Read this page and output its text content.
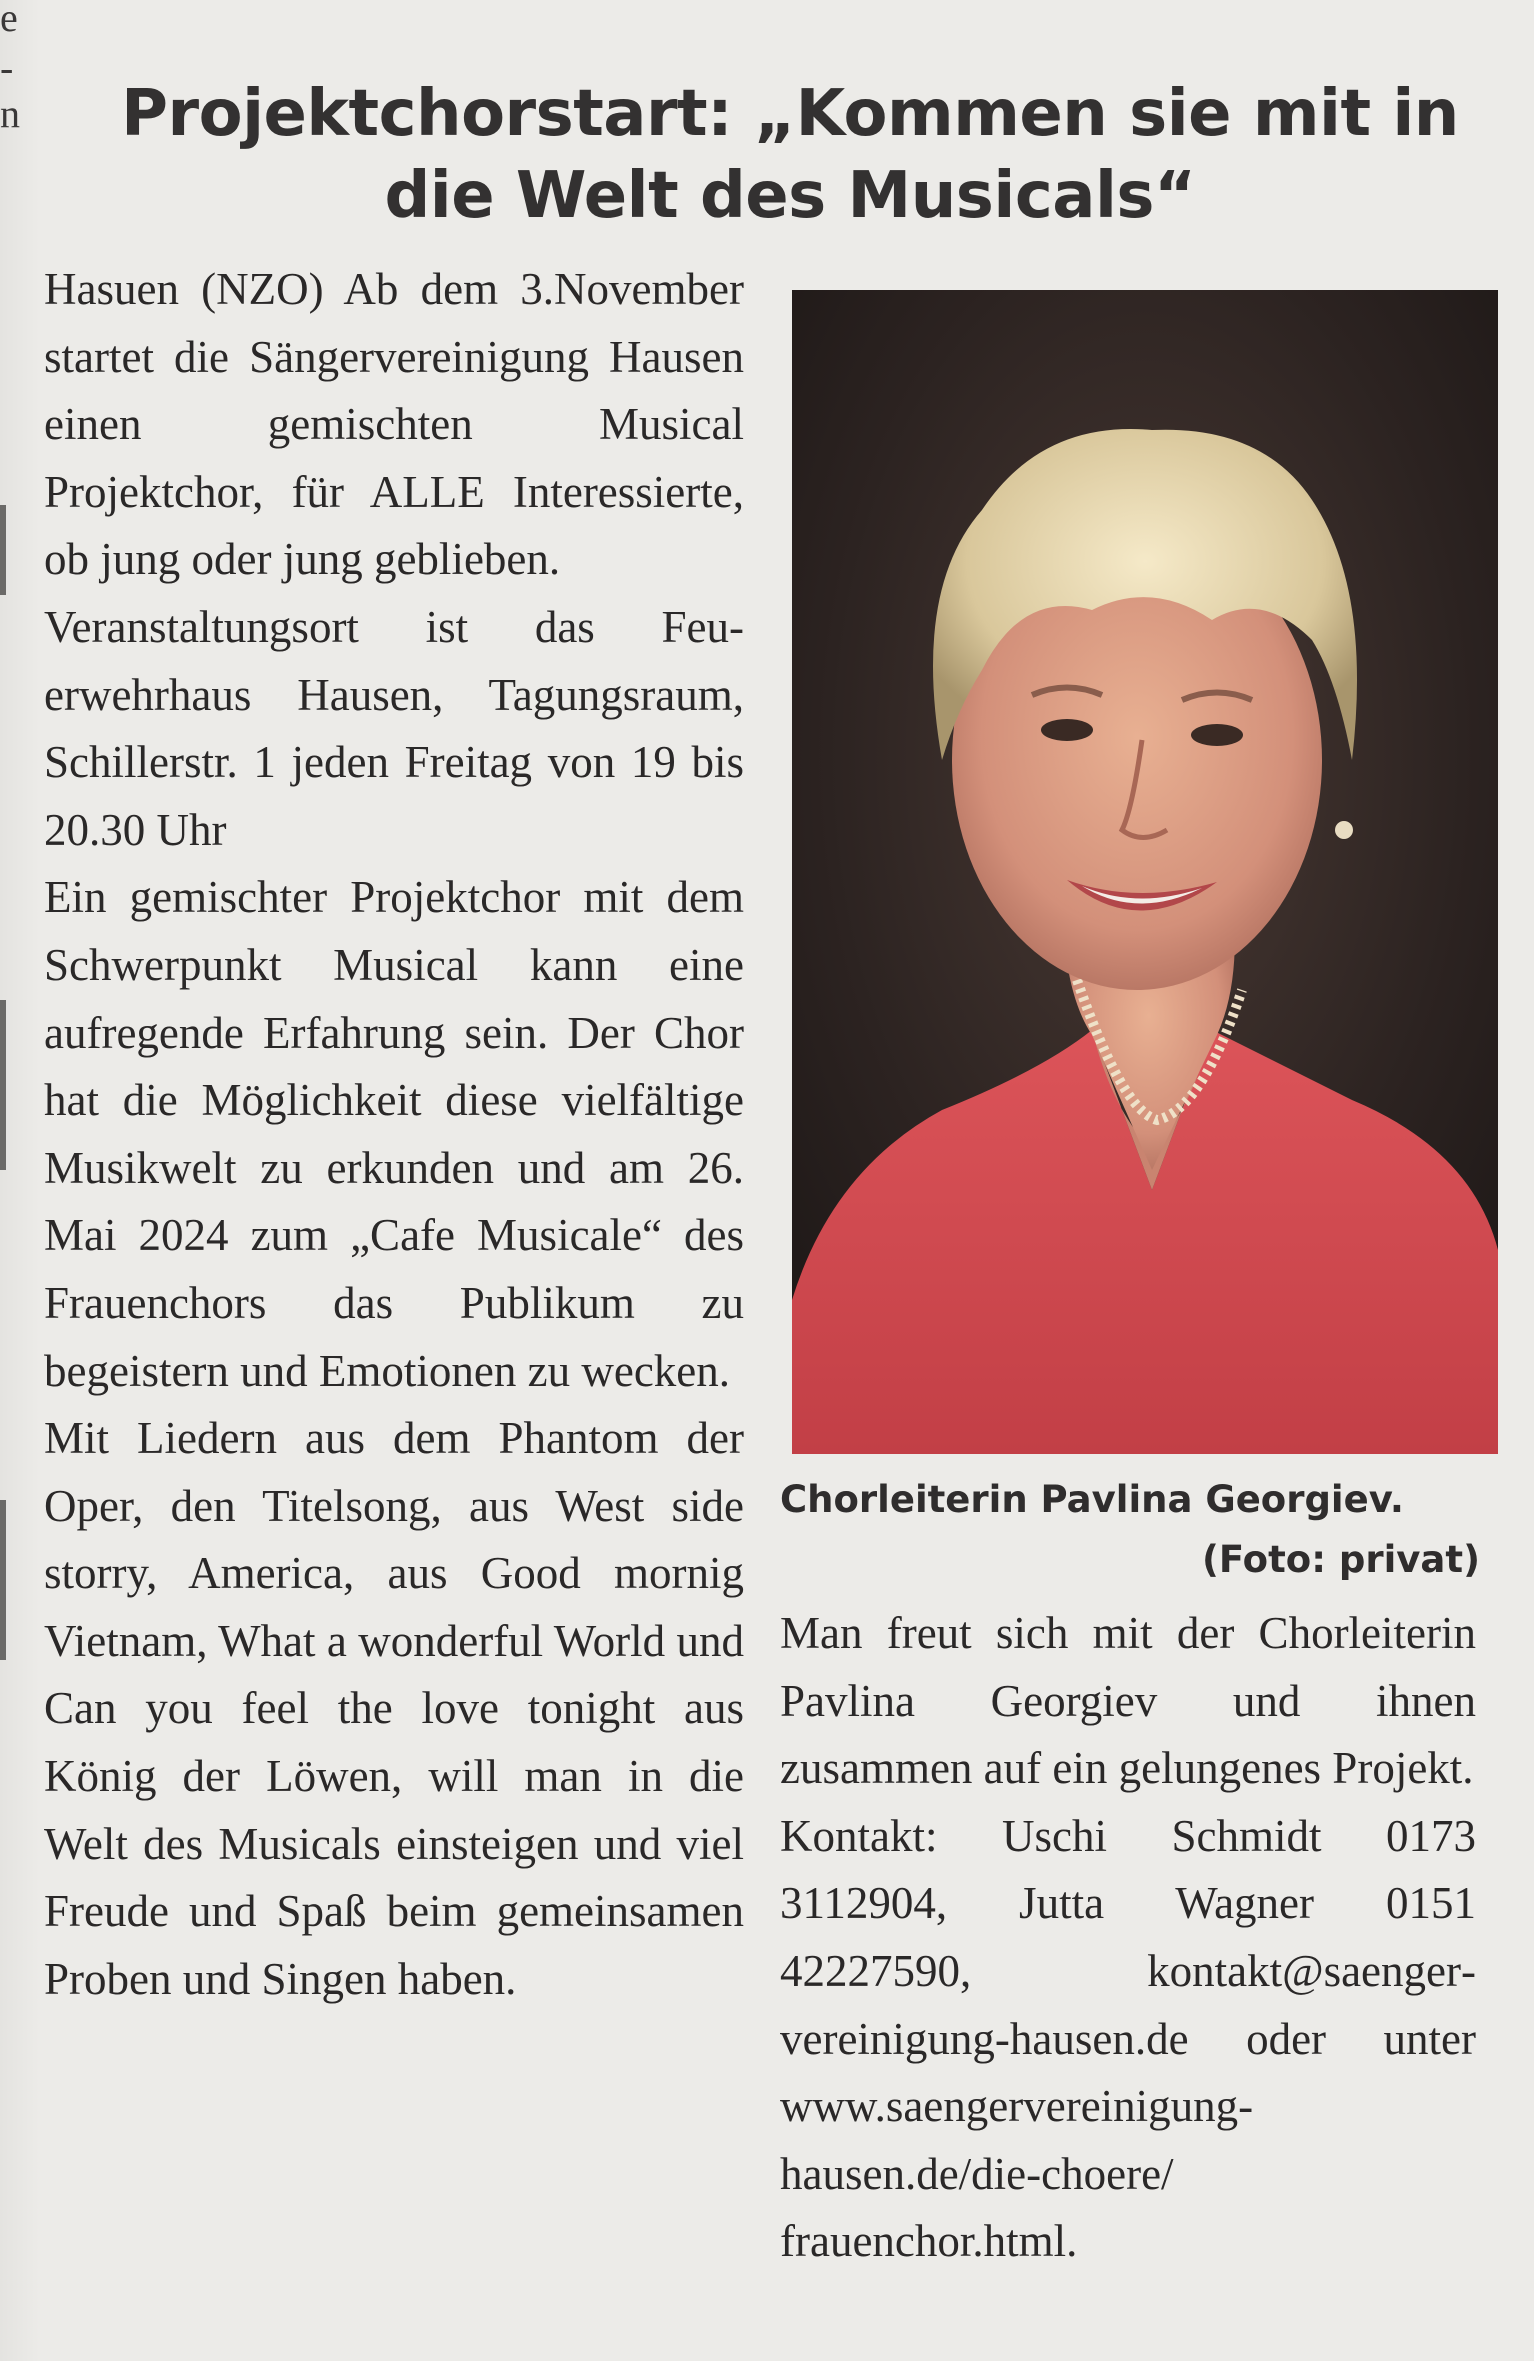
e
-
n Projektchorstart: „Kommen sie mit in die Welt des Musicals“

Hasuen (NZO) Ab dem 3.November startet die Sängervereinigung Hausen einen gemischten Musical Projektchor, für ALLE Interessierte, ob jung oder jung geblieben.

Veranstaltungsort ist das Feuerwehrhaus Hausen, Tagungsraum, Schillerstr. 1 jeden Freitag von 19 bis 20.30 Uhr

Ein gemischter Projektchor mit dem Schwerpunkt Musical kann eine aufregende Erfahrung sein. Der Chor hat die Möglichkeit diese vielfältige Musikwelt zu erkunden und am 26. Mai 2024 zum „Cafe Musicale“ des Frauenchors das Publikum zu begeistern und Emotionen zu wecken.

Mit Liedern aus dem Phantom der Oper, den Titelsong, aus West side storry, America, aus Good mornig Vietnam, What a wonderful World und Can you feel the love tonight aus König der Löwen, will man in die Welt des Musicals einsteigen und viel Freude und Spaß beim gemeinsamen Proben und Singen haben.

Chorleiterin Pavlina Georgiev.
(Foto: privat)

Man freut sich mit der Chorleiterin Pavlina Georgiev und ihnen zusammen auf ein gelungenes Projekt.

Kontakt: Uschi Schmidt 0173 3112904, Jutta Wagner 0151 42227590, kontakt@saengervereinigung-hausen.de oder unter www.saengervereinigung-hausen.de/die-choere/ frauenchor.html.
